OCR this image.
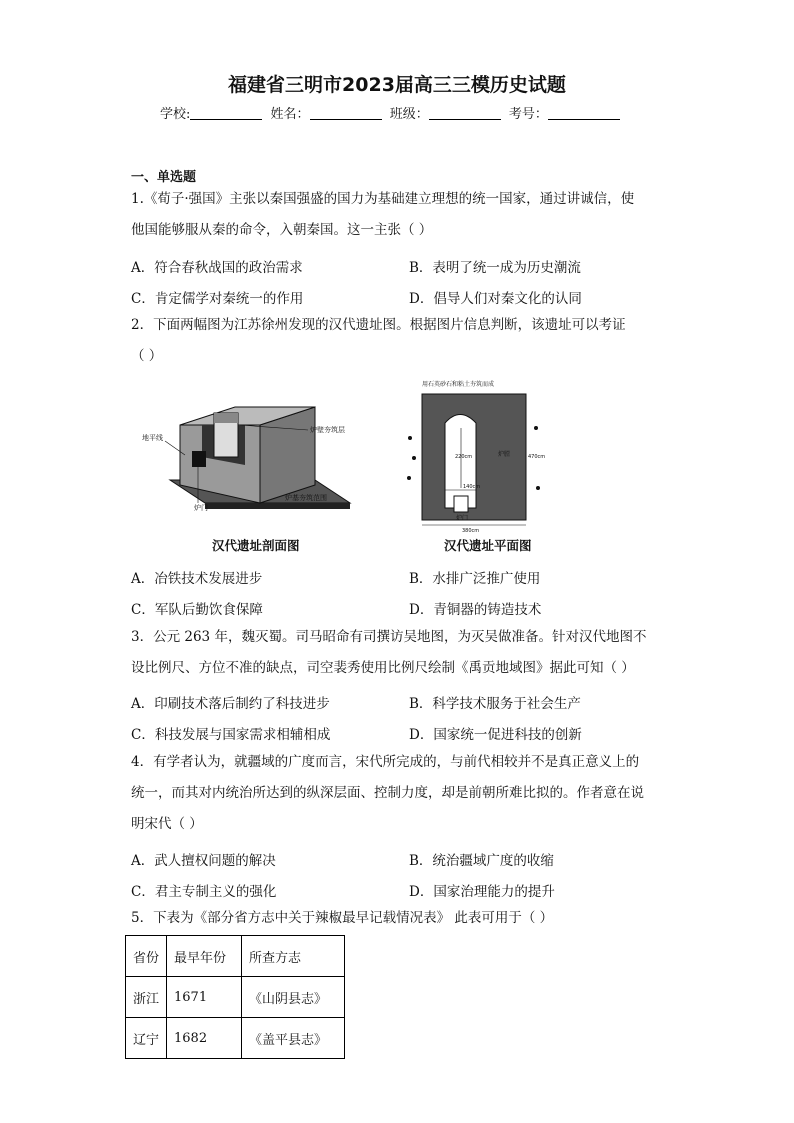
福建省三明市2023届高三三模历史试题
学校:	姓名：	班级：	考号：
一、单选题
1.《荀子·强国》主张以秦国强盛的国力为基础建立理想的统一国家，通过讲诚信，使
他国能够服从秦的命令，入朝秦国。这一主张（ ）
A．符合春秋战国的政治需求	B．表明了统一成为历史潮流
C．肯定儒学对秦统一的作用	D．倡导人们对秦文化的认同
2．下面两幅图为江苏徐州发现的汉代遗址图。根据图片信息判断，该遗址可以考证
（ ）
地平线
炉壁夯筑层
炉门
炉基夯筑范围
汉代遗址剖面图
用石英砂石和粘土夯筑而成
220cm
140cm
炉膛	470cm
炉门
380cm
汉代遗址平面图
A．冶铁技术发展进步	B．水排广泛推广使用
C．军队后勤饮食保障	D．青铜器的铸造技术
3．公元 263 年，魏灭蜀。司马昭命有司撰访吴地图，为灭吴做准备。针对汉代地图不
设比例尺、方位不准的缺点，司空裴秀使用比例尺绘制《禹贡地域图》据此可知（ ）
A．印刷技术落后制约了科技进步	B．科学技术服务于社会生产
C．科技发展与国家需求相辅相成	D．国家统一促进科技的创新
4．有学者认为，就疆域的广度而言，宋代所完成的，与前代相较并不是真正意义上的
统一，而其对内统治所达到的纵深层面、控制力度，却是前朝所难比拟的。作者意在说
明宋代（ ）
A．武人擅权问题的解决	B．统治疆域广度的收缩
C．君主专制主义的强化	D．国家治理能力的提升
5．下表为《部分省方志中关于辣椒最早记载情况表》 此表可用于（ ）
省份	最早年份	所查方志
浙江	1671	《山阴县志》
辽宁	1682	《盖平县志》
